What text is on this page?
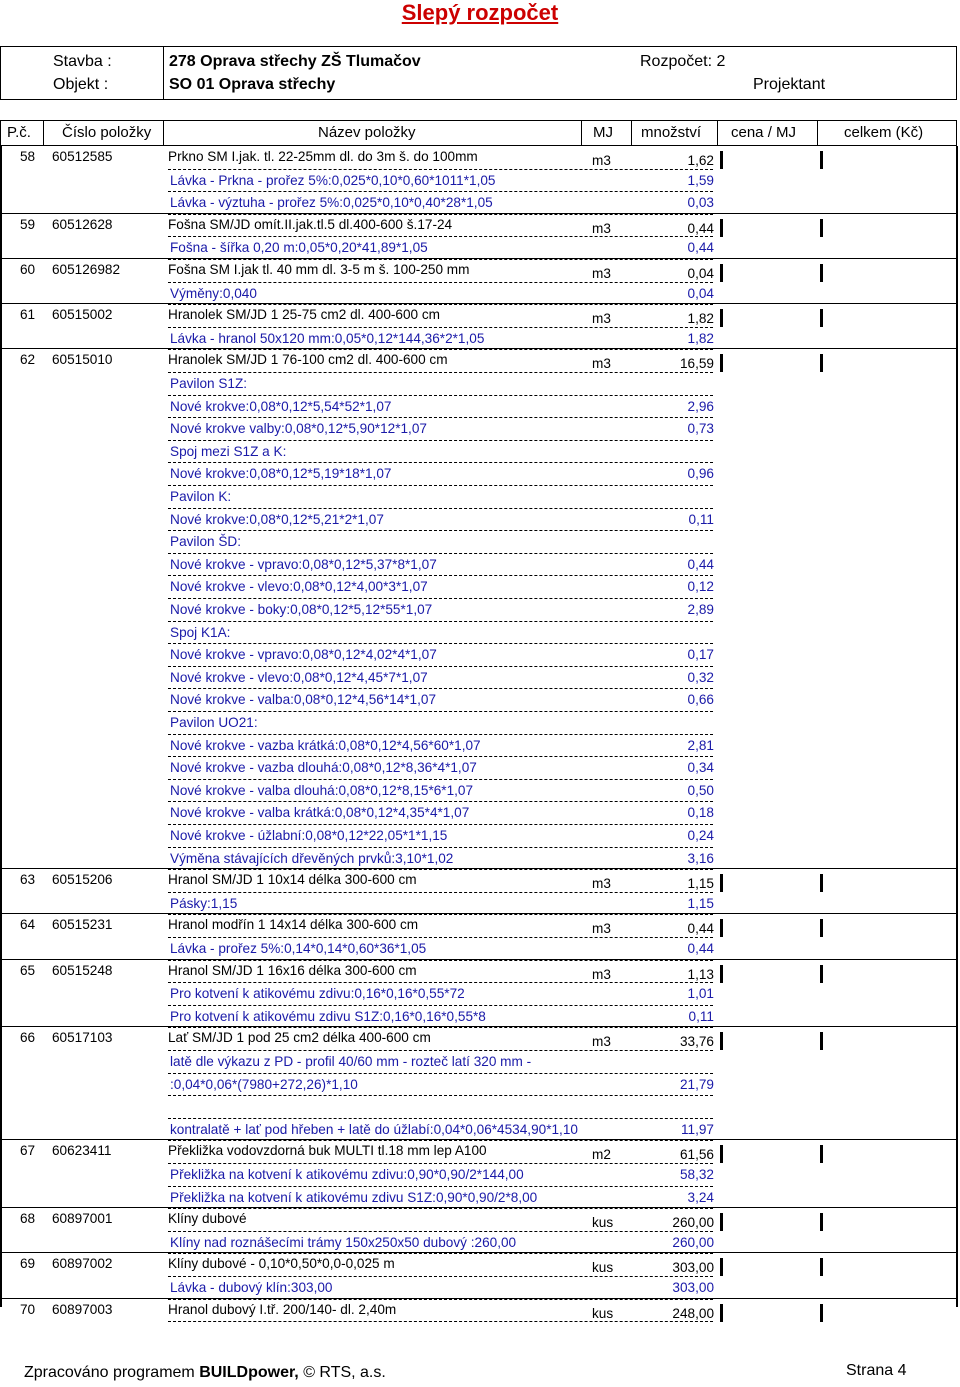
Slepý rozpočet
Stavba :	278 Oprava střechy ZŠ Tlumačov	Rozpočet: 2
Objekt :	SO 01 Oprava střechy	Projektant
P.č. Číslo položky	Název položky	MJ množství cena / MJ	celkem (Kč)
58 60512585	Prkno SM I.jak. tl. 22-25mm dl. do 3m š. do 100mm	m3	1,62
Lávka - Prkna - prořez 5%:0,025*0,10*0,60*1011*1,05	1,59
Lávka - výztuha - prořez 5%:0,025*0,10*0,40*28*1,05	0,03
59 60512628	Fošna SM/JD omít.II.jak.tl.5 dl.400-600 š.17-24	m3	0,44
Fošna - šířka 0,20 m:0,05*0,20*41,89*1,05	0,44
60 605126982	Fošna SM I.jak tl. 40 mm dl. 3-5 m š. 100-250 mm	m3	0,04
Výměny:0,040	0,04
61 60515002	Hranolek SM/JD 1 25-75 cm2 dl. 400-600 cm	m3	1,82
Lávka - hranol 50x120 mm:0,05*0,12*144,36*2*1,05	1,82
62 60515010	Hranolek SM/JD 1 76-100 cm2 dl. 400-600 cm	m3	16,59
Pavilon S1Z:
Nové krokve:0,08*0,12*5,54*52*1,07	2,96
Nové krokve valby:0,08*0,12*5,90*12*1,07	0,73
Spoj mezi S1Z a K:
Nové krokve:0,08*0,12*5,19*18*1,07	0,96
Pavilon K:
Nové krokve:0,08*0,12*5,21*2*1,07	0,11
Pavilon ŠD:
Nové krokve - vpravo:0,08*0,12*5,37*8*1,07	0,44
Nové krokve - vlevo:0,08*0,12*4,00*3*1,07	0,12
Nové krokve - boky:0,08*0,12*5,12*55*1,07	2,89
Spoj K1A:
Nové krokve - vpravo:0,08*0,12*4,02*4*1,07	0,17
Nové krokve - vlevo:0,08*0,12*4,45*7*1,07	0,32
Nové krokve - valba:0,08*0,12*4,56*14*1,07	0,66
Pavilon UO21:
Nové krokve - vazba krátká:0,08*0,12*4,56*60*1,07	2,81
Nové krokve - vazba dlouhá:0,08*0,12*8,36*4*1,07	0,34
Nové krokve - valba dlouhá:0,08*0,12*8,15*6*1,07	0,50
Nové krokve - valba krátká:0,08*0,12*4,35*4*1,07	0,18
Nové krokve - úžlabní:0,08*0,12*22,05*1*1,15	0,24
Výměna stávajících dřevěných prvků:3,10*1,02	3,16
63 60515206	Hranol SM/JD 1 10x14 délka 300-600 cm	m3	1,15
Pásky:1,15	1,15
64 60515231	Hranol modřín 1 14x14 délka 300-600 cm	m3	0,44
Lávka - prořez 5%:0,14*0,14*0,60*36*1,05	0,44
65 60515248	Hranol SM/JD 1 16x16 délka 300-600 cm	m3	1,13
Pro kotvení k atikovému zdivu:0,16*0,16*0,55*72	1,01
Pro kotvení k atikovému zdivu S1Z:0,16*0,16*0,55*8	0,11
66 60517103	Lať SM/JD 1 pod 25 cm2 délka 400-600 cm	m3	33,76
latě dle výkazu z PD - profil 40/60 mm - rozteč latí 320 mm -
:0,04*0,06*(7980+272,26)*1,10	21,79
kontralatě + lať pod hřeben + latě do úžlabí:0,04*0,06*4534,90*1,10	11,97
67 60623411	Překližka vodovzdorná buk MULTI tl.18 mm lep A100	m2	61,56
Překližka na kotvení k atikovému zdivu:0,90*0,90/2*144,00	58,32
Překližka na kotvení k atikovému zdivu S1Z:0,90*0,90/2*8,00	3,24
68 60897001	Klíny dubové	kus	260,00
Klíny nad roznášecími trámy 150x250x50 dubový :260,00	260,00
69 60897002	Klíny dubové - 0,10*0,50*0,0-0,025 m	kus	303,00
Lávka - dubový klín:303,00	303,00
70 60897003	Hranol dubový I.tř. 200/140- dl. 2,40m	kus	248,00
Zpracováno programem BUILDpower, © RTS, a.s.	Strana 4
